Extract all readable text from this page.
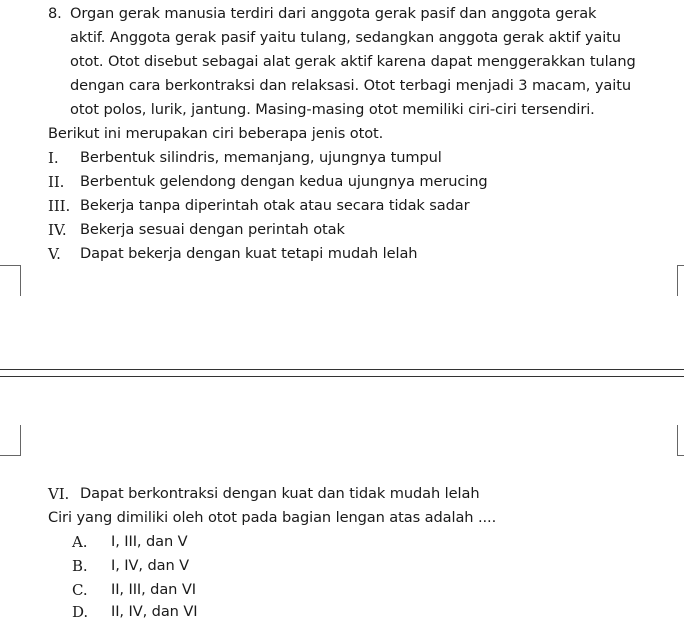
8. Organ gerak manusia terdiri dari anggota gerak pasif dan anggota gerak
aktif. Anggota gerak pasif yaitu tulang, sedangkan anggota gerak aktif yaitu
otot. Otot disebut sebagai alat gerak aktif karena dapat menggerakkan tulang
dengan cara berkontraksi dan relaksasi. Otot terbagi menjadi 3 macam, yaitu
otot polos, lurik, jantung. Masing-masing otot memiliki ciri-ciri tersendiri.
Berikut ini merupakan ciri beberapa jenis otot.
I. Berbentuk silindris, memanjang, ujungnya tumpul
II. Berbentuk gelendong dengan kedua ujungnya merucing
III. Bekerja tanpa diperintah otak atau secara tidak sadar
IV. Bekerja sesuai dengan perintah otak
V. Dapat bekerja dengan kuat tetapi mudah lelah
VI. Dapat berkontraksi dengan kuat dan tidak mudah lelah
Ciri yang dimiliki oleh otot pada bagian lengan atas adalah ....
A. I, III, dan V
B. I, IV, dan V
C. II, III, dan VI
D. II, IV, dan VI
